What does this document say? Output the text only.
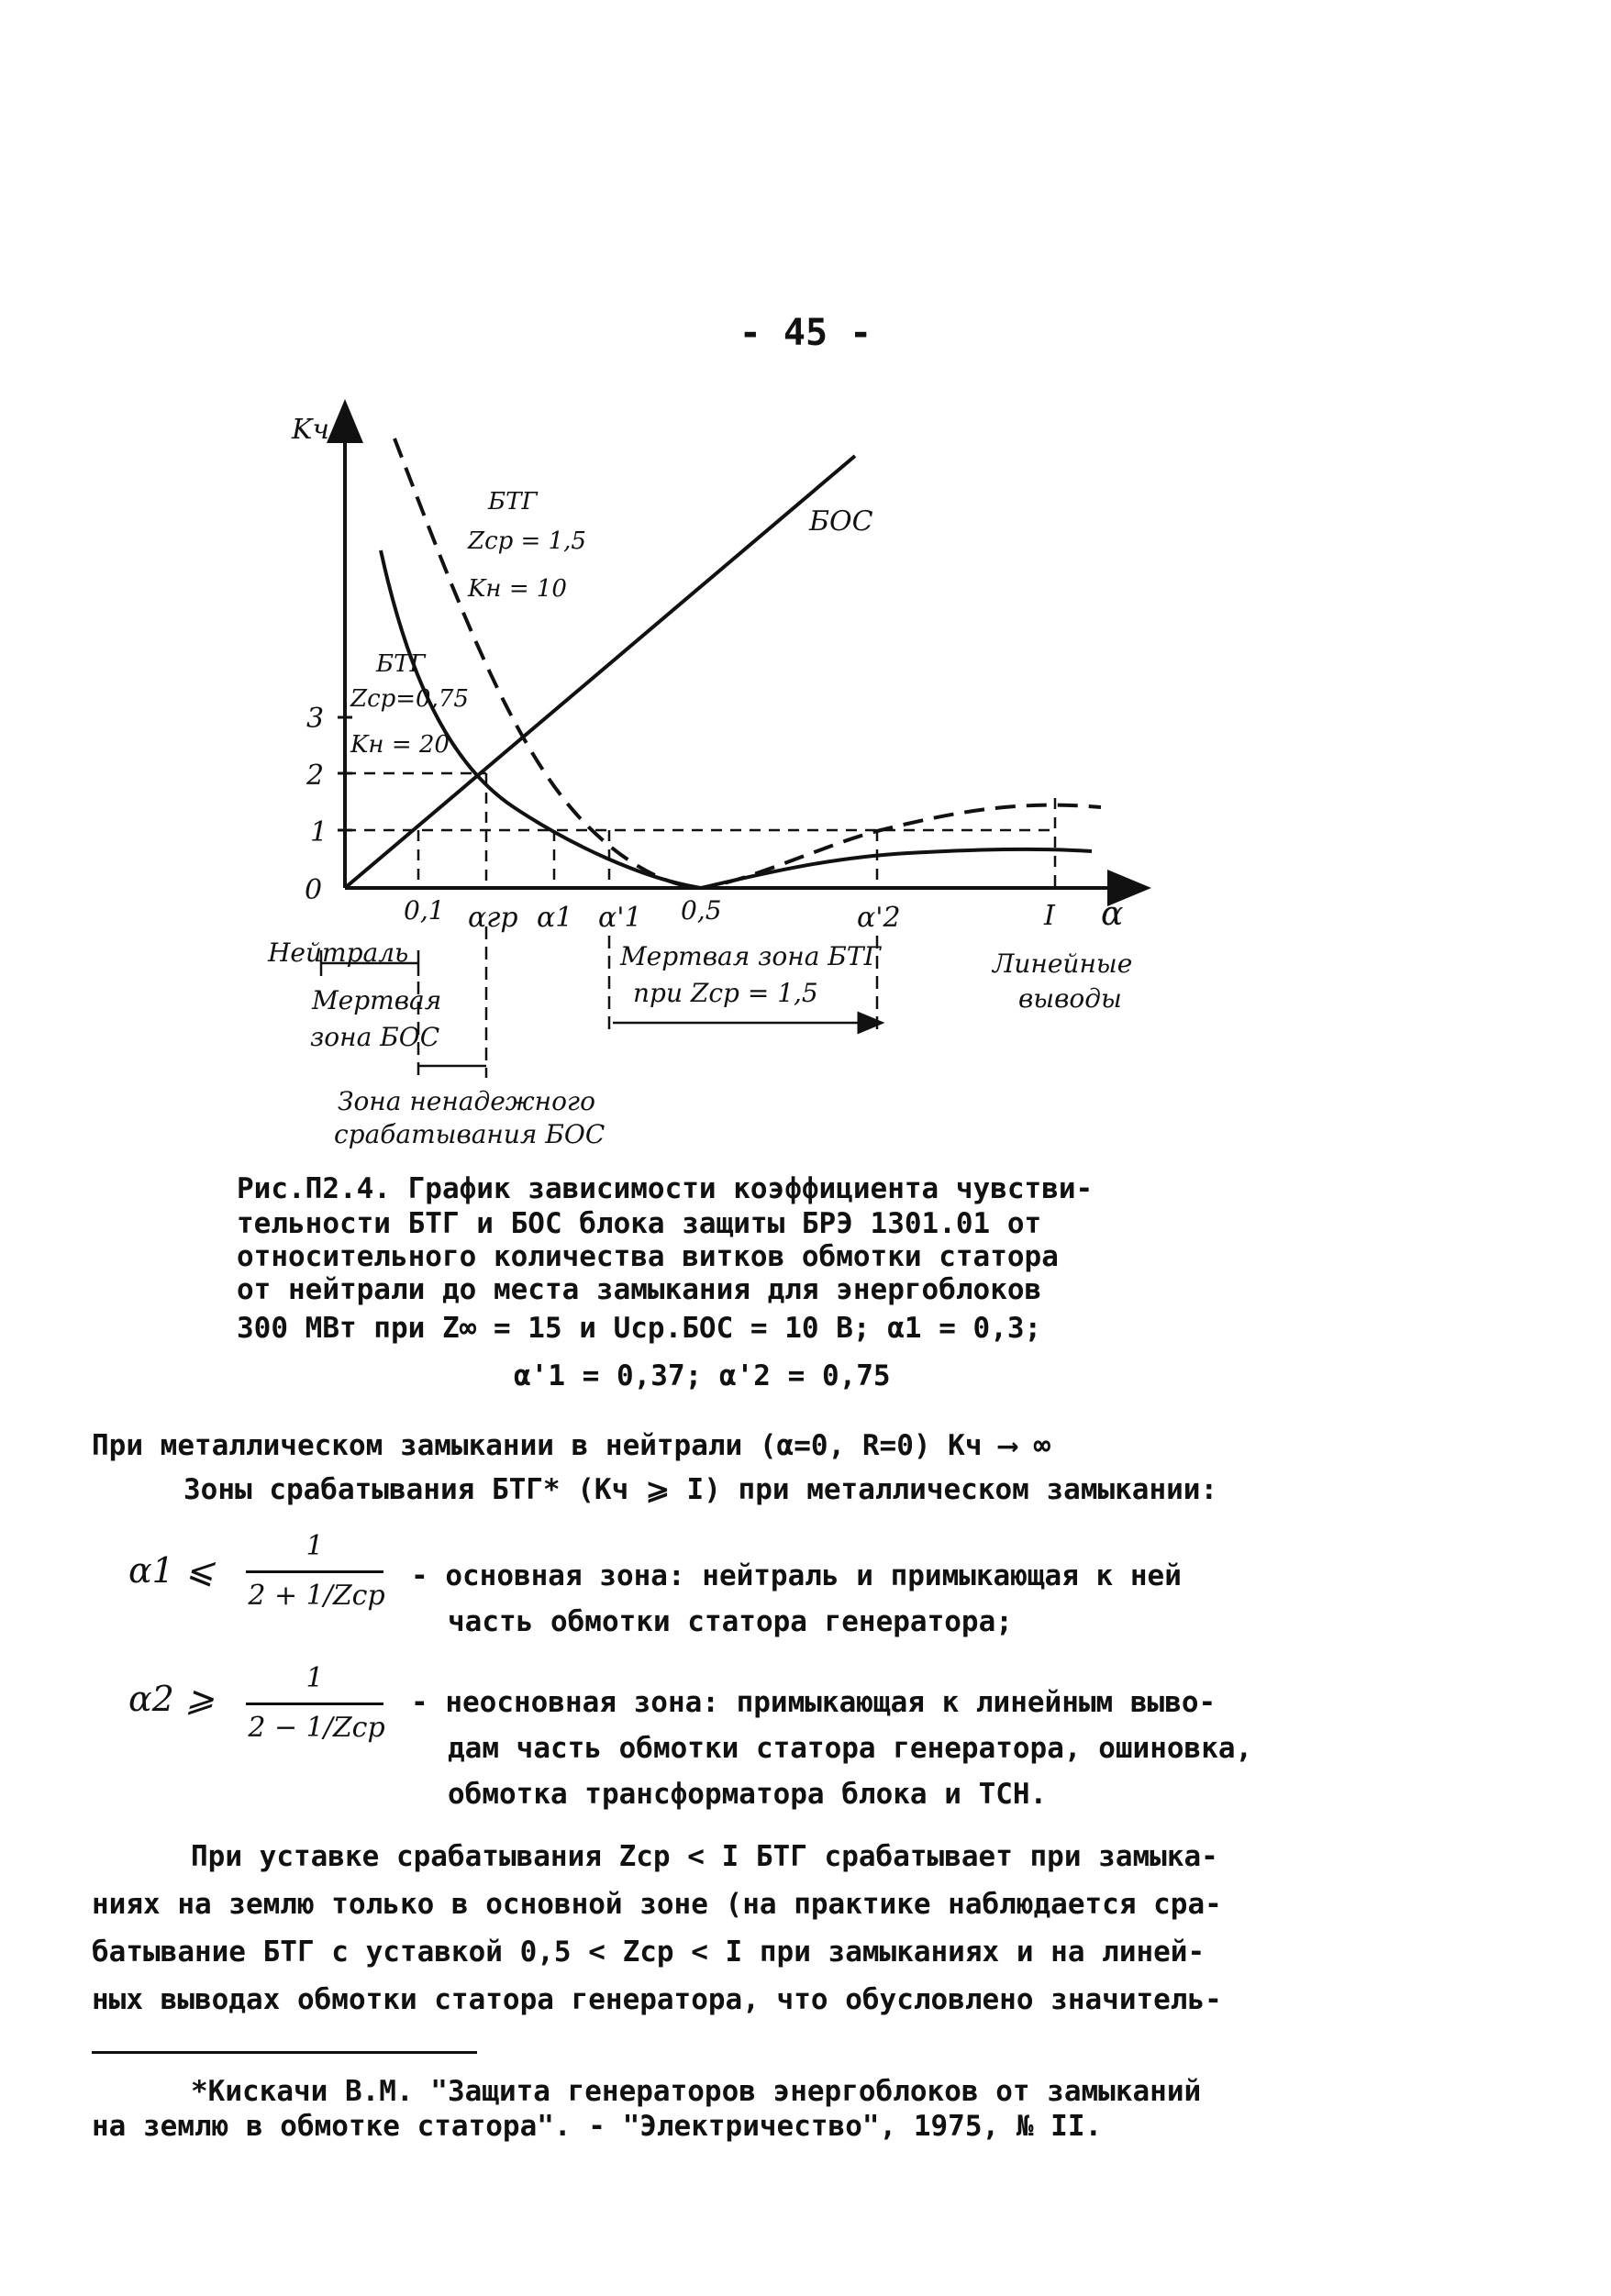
- 45 -
Kч
α
0
1
2
3
БОС
БТГ
Zср = 1,5
Kн = 10
БТГ
Zср=0,75
Kн = 20
0,1 αгр α1 α'1 0,5	α'2	I
Нейтраль
Мертвая
зона БОС
Зона ненадежного
срабатывания БОС
Мертвая зона БТГ
при Zср = 1,5
Линейные
выводы
Рис.П2.4. График зависимости коэффициента чувстви-
тельности БТГ и БОС блока защиты БРЭ 1301.01 от
относительного количества витков обмотки статора
от нейтрали до места замыкания для энергоблоков
300 МВт при Z∞ = 15 и Uср.БОС = 10 В; α1 = 0,3;
α'1 = 0,37; α'2 = 0,75
При металлическом замыкании в нейтрали (α=0, R=0) Kч ⟶ ∞
Зоны срабатывания БТГ* (Kч ⩾ I) при металлическом замыкании:
α1 ⩽
1
2 + 1/Zср
- основная зона: нейтраль и примыкающая к ней
часть обмотки статора генератора;
α2 ⩾
1
2 − 1/Zср
- неосновная зона: примыкающая к линейным выво-
дам часть обмотки статора генератора, ошиновка,
обмотка трансформатора блока и ТСН.
При уставке срабатывания Zср < I БТГ срабатывает при замыка-
ниях на землю только в основной зоне (на практике наблюдается сра-
батывание БТГ с уставкой 0,5 < Zср < I при замыканиях и на линей-
ных выводах обмотки статора генератора, что обусловлено значитель-
*Кискачи В.М. "Защита генераторов энергоблоков от замыканий
на землю в обмотке статора". - "Электричество", 1975, № II.
